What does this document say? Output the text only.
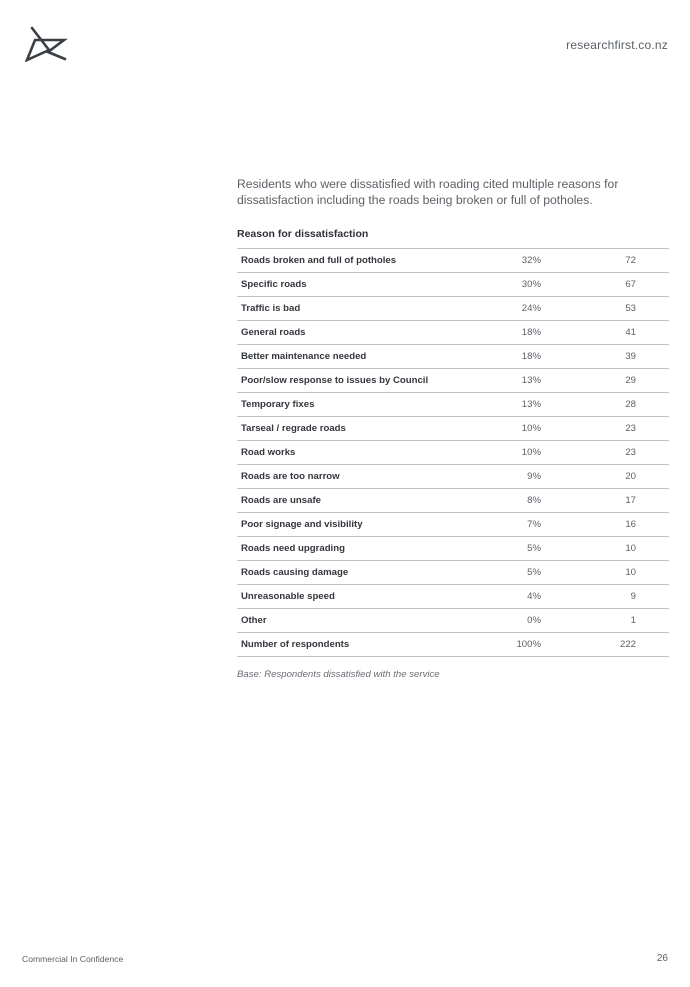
researchfirst.co.nz
Residents who were dissatisfied with roading cited multiple reasons for dissatisfaction including the roads being broken or full of potholes.
Reason for dissatisfaction
Roads broken and full of potholes	32%	72
Specific roads	30%	67
Traffic is bad	24%	53
General roads	18%	41
Better maintenance needed	18%	39
Poor/slow response to issues by Council	13%	29
Temporary fixes	13%	28
Tarseal / regrade roads	10%	23
Road works	10%	23
Roads are too narrow	9%	20
Roads are unsafe	8%	17
Poor signage and visibility	7%	16
Roads need upgrading	5%	10
Roads causing damage	5%	10
Unreasonable speed	4%	9
Other	0%	1
Number of respondents	100%	222
Base: Respondents dissatisfied with the service
Commercial In Confidence	26
